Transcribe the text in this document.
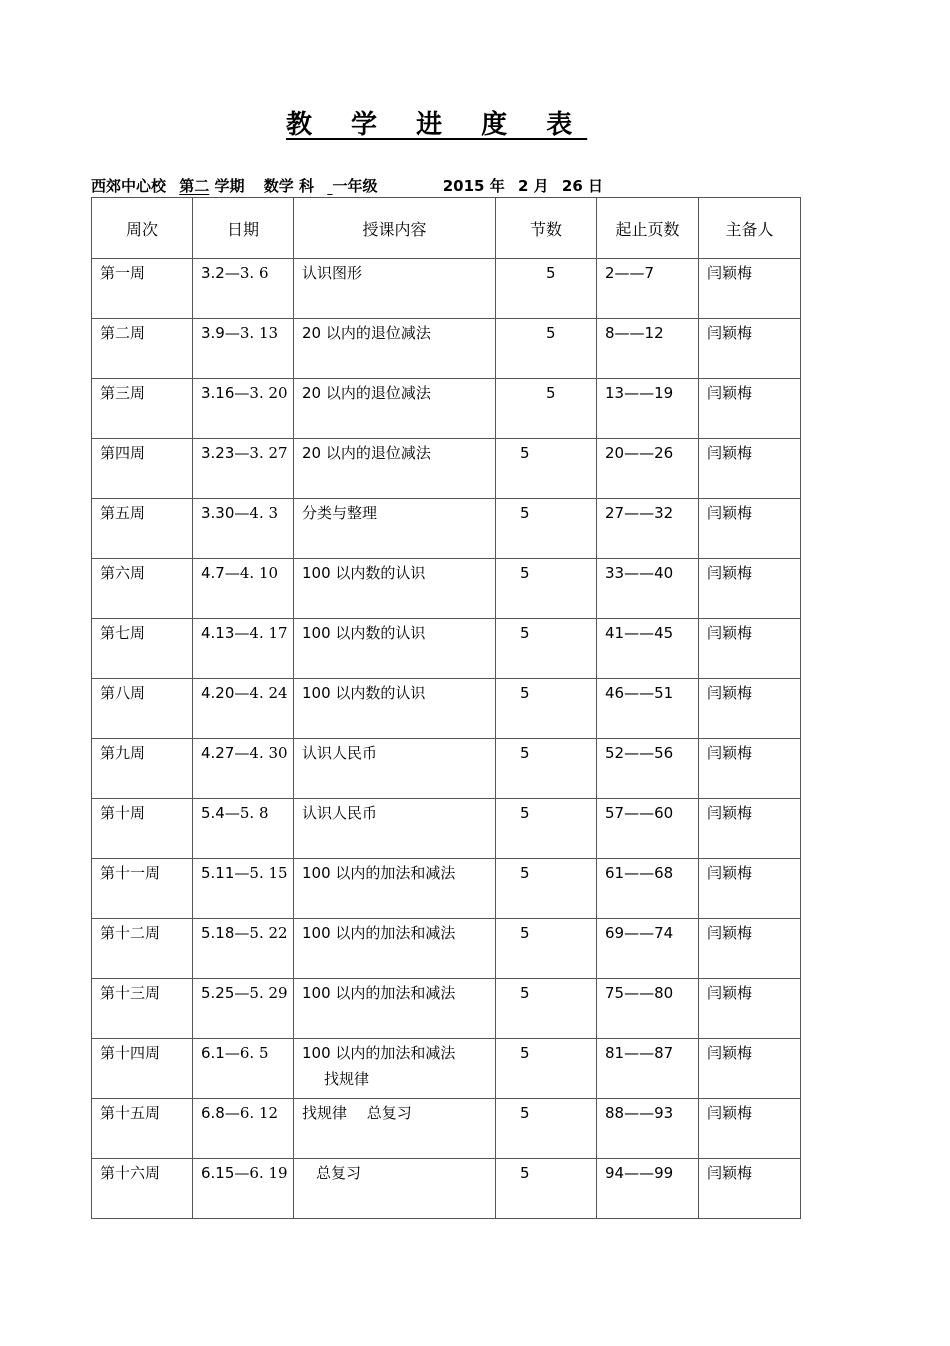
教 学 进 度 表
西郊中心校 第二 学期 数学 科 一年级	2015 年 2 月 26 日
周次	日期	授课内容	节数	起止页数	主备人

第一周	3.2—3. 6	认识图形	5	2——7	闫颖梅

第二周	3.9—3. 13	20 以内的退位减法	5	8——12	闫颖梅

第三周	3.16—3. 20	20 以内的退位减法	5	13——19	闫颖梅

第四周	3.23—3. 27	20 以内的退位减法	5	20——26	闫颖梅

第五周	3.30—4. 3	分类与整理	5	27——32	闫颖梅

第六周	4.7—4. 10	100 以内数的认识	5	33——40	闫颖梅

第七周	4.13—4. 17	100 以内数的认识	5	41——45	闫颖梅

第八周	4.20—4. 24	100 以内数的认识	5	46——51	闫颖梅

第九周	4.27—4. 30	认识人民币	5	52——56	闫颖梅

第十周	5.4—5. 8	认识人民币	5	57——60	闫颖梅

第十一周	5.11—5. 15	100 以内的加法和减法	5	61——68	闫颖梅

第十二周	5.18—5. 22	100 以内的加法和减法	5	69——74	闫颖梅

第十三周	5.25—5. 29	100 以内的加法和减法	5	75——80	闫颖梅

第十四周	6.1—6. 5	100 以内的加法和减法
找规律	5	81——87	闫颖梅

第十五周	6.8—6. 12	找规律　 总复习	5	88——93	闫颖梅

第十六周	6.15—6. 19	总复习	5	94——99	闫颖梅
